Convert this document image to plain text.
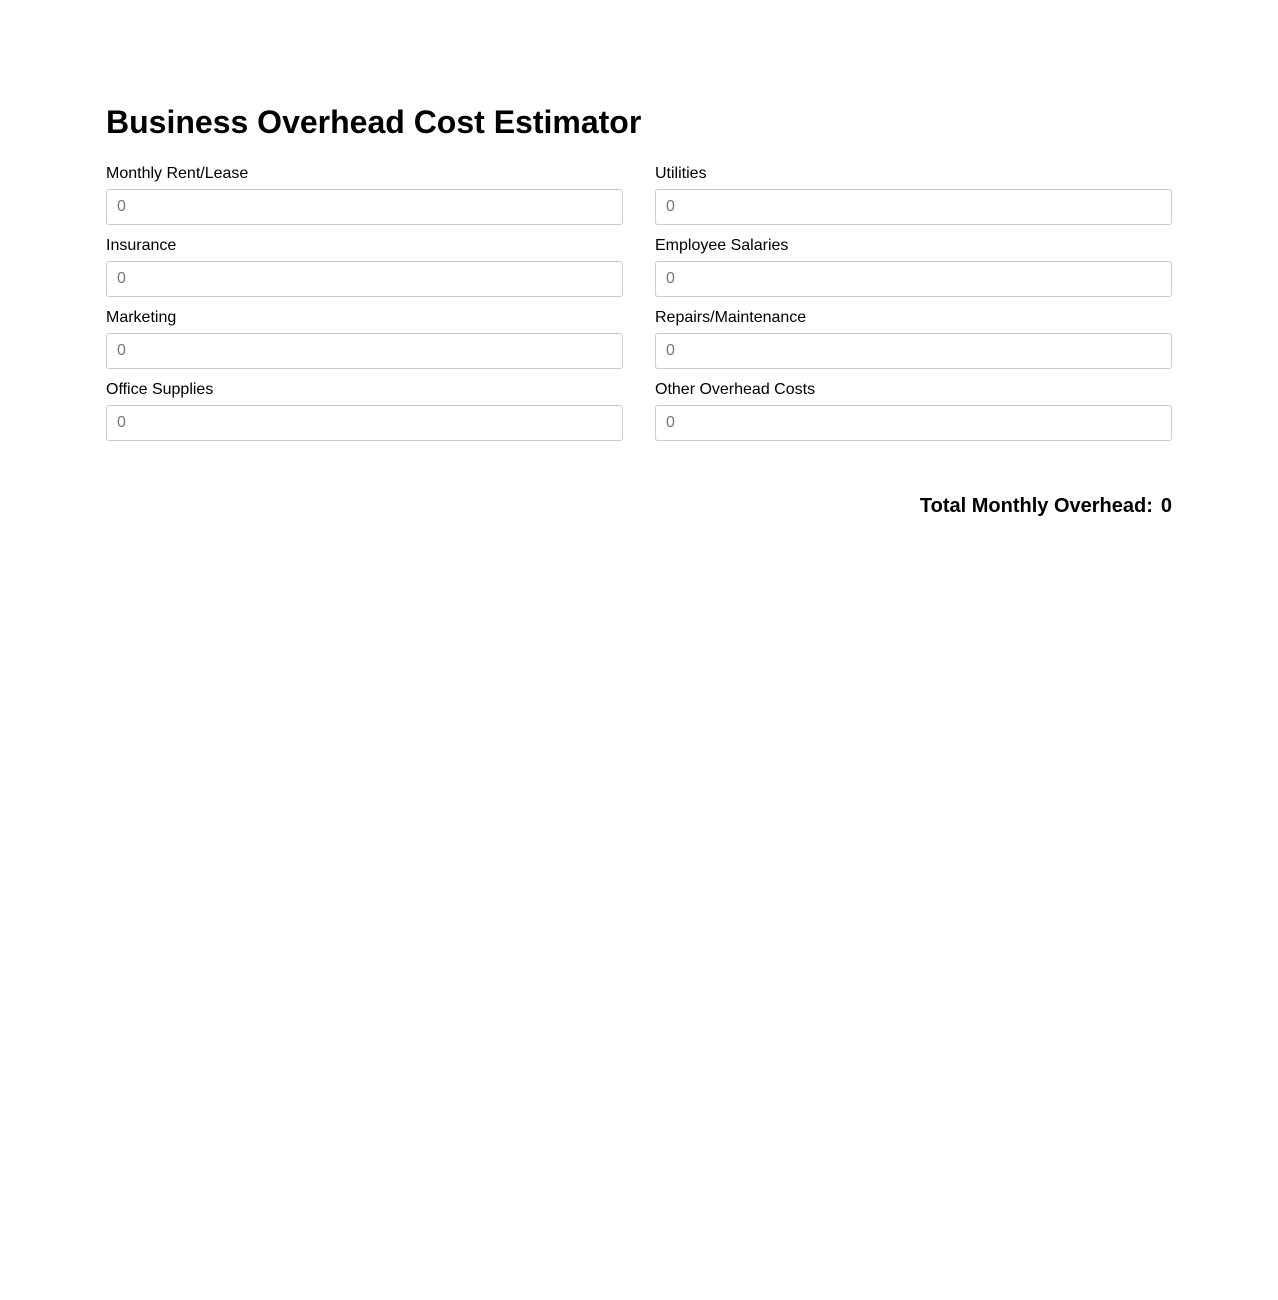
Business Overhead Cost Estimator
Monthly Rent/Lease
0	Utilities
0
Insurance
0	Employee Salaries
0
Marketing
0	Repairs/Maintenance
0
Office Supplies
0	Other Overhead Costs
0
Total Monthly Overhead: 0
